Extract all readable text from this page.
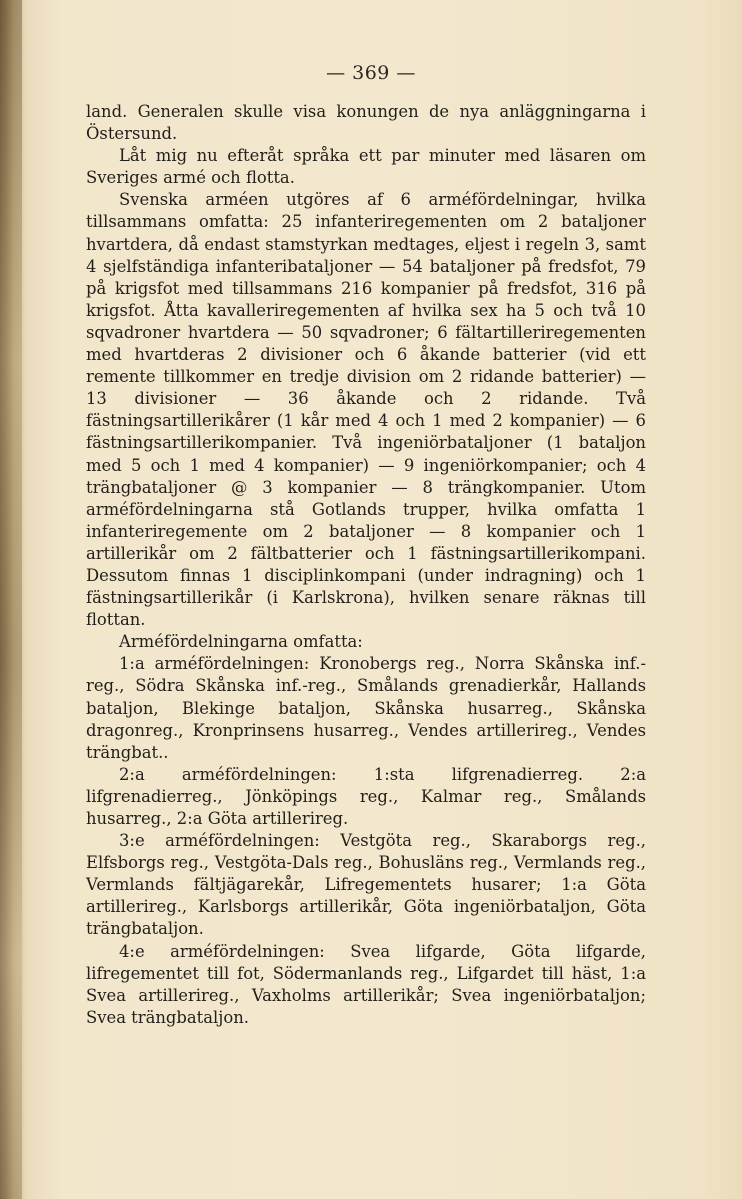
— 369 —

land. Generalen skulle visa konungen de nya anläggningarna i Östersund.

Låt mig nu efteråt språka ett par minuter med läsaren om Sveriges armé och flotta.

Svenska arméen utgöres af 6 arméfördelningar, hvilka tillsammans omfatta: 25 infanteriregementen om 2 bataljoner hvartdera, då endast stamstyrkan medtages, eljest i regeln 3, samt 4 sjelfständiga infanteribataljoner — 54 bataljoner på fredsfot, 79 på krigsfot med tillsammans 216 kompanier på fredsfot, 316 på krigsfot. Åtta kavalleriregementen af hvilka sex ha 5 och två 10 sqvadroner hvartdera — 50 sqvadroner; 6 fältartilleriregementen med hvartderas 2 divisioner och 6 åkande batterier (vid ett remente tillkommer en tredje division om 2 ridande batterier) — 13 divisioner — 36 åkande och 2 ridande. Två fästningsartillerikårer (1 kår med 4 och 1 med 2 kompanier) — 6 fästningsartillerikompanier. Två ingeniörbataljoner (1 bataljon med 5 och 1 med 4 kompanier) — 9 ingeniörkompanier; och 4 trängbataljoner @ 3 kompanier — 8 trängkompanier. Utom arméfördelningarna stå Gotlands trupper, hvilka omfatta 1 infanteriregemente om 2 bataljoner — 8 kompanier och 1 artillerikår om 2 fältbatterier och 1 fästningsartillerikompani. Dessutom finnas 1 disciplinkompani (under indragning) och 1 fästningsartillerikår (i Karlskrona), hvilken senare räknas till flottan.

Arméfördelningarna omfatta:

1:a arméfördelningen: Kronobergs reg., Norra Skånska inf.-reg., Södra Skånska inf.-reg., Smålands grenadierkår, Hallands bataljon, Blekinge bataljon, Skånska husarreg., Skånska dragonreg., Kronprinsens husarreg., Vendes artillerireg., Vendes trängbat..

2:a arméfördelningen: 1:sta lifgrenadierreg. 2:a lifgrenadierreg., Jönköpings reg., Kalmar reg., Smålands husarreg., 2:a Göta artillerireg.

3:e arméfördelningen: Vestgöta reg., Skaraborgs reg., Elfsborgs reg., Vestgöta-Dals reg., Bohusläns reg., Vermlands reg., Vermlands fältjägarekår, Lifregementets husarer; 1:a Göta artillerireg., Karlsborgs artillerikår, Göta ingeniörbataljon, Göta trängbataljon.

4:e arméfördelningen: Svea lifgarde, Göta lifgarde, lifregementet till fot, Södermanlands reg., Lifgardet till häst, 1:a Svea artillerireg., Vaxholms artillerikår; Svea ingeniörbataljon; Svea trängbataljon.
